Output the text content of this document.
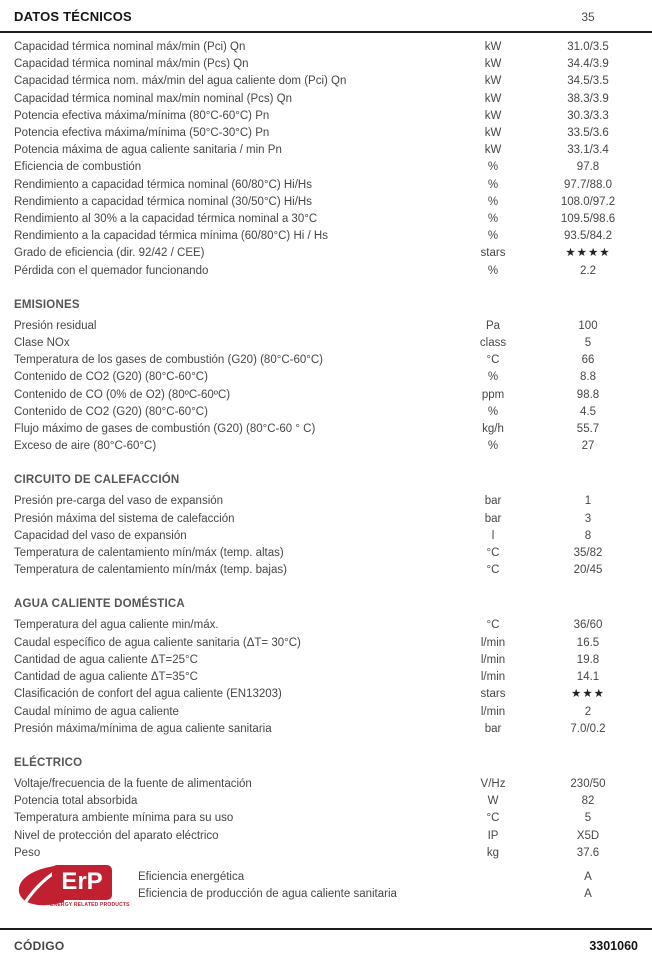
DATOS TÉCNICOS	35
Capacidad térmica nominal máx/min (Pci) Qn	kW	31.0/3.5
Capacidad térmica nominal máx/min (Pcs) Qn	kW	34.4/3.9
Capacidad térmica nom. máx/min del agua caliente dom (Pci) Qn	kW	34.5/3.5
Capacidad térmica nominal max/min nominal (Pcs) Qn	kW	38.3/3.9
Potencia efectiva máxima/mínima (80°C-60°C) Pn	kW	30.3/3.3
Potencia efectiva máxima/mínima (50°C-30°C) Pn	kW	33.5/3.6
Potencia máxima de agua caliente sanitaria / min Pn	kW	33.1/3.4
Eficiencia de combustión	%	97.8
Rendimiento a capacidad térmica nominal (60/80°C) Hi/Hs	%	97.7/88.0
Rendimiento a capacidad térmica nominal (30/50°C) Hi/Hs	%	108.0/97.2
Rendimiento al 30% a la capacidad térmica nominal a 30°C	%	109.5/98.6
Rendimiento a la capacidad térmica mínima (60/80°C) Hi / Hs	%	93.5/84.2
Grado de eficiencia (dir. 92/42 / CEE)	stars	★★★★
Pérdida con el quemador funcionando	%	2.2
EMISIONES
Presión residual	Pa	100
Clase NOx	class	5
Temperatura de los gases de combustión (G20) (80°C-60°C)	°C	66
Contenido de CO2 (G20) (80°C-60°C)	%	8.8
Contenido de CO (0% de O2) (80ºC-60ºC)	ppm	98.8
Contenido de CO2 (G20) (80°C-60°C)	%	4.5
Flujo máximo de gases de combustión (G20) (80°C-60 ° C)	kg/h	55.7
Exceso de aire (80°C-60°C)	%	27
CIRCUITO DE CALEFACCIÓN
Presión pre-carga del vaso de expansión	bar	1
Presión máxima del sistema de calefacción	bar	3
Capacidad del vaso de expansión	l	8
Temperatura de calentamiento mín/máx (temp. altas)	°C	35/82
Temperatura de calentamiento mín/máx (temp. bajas)	°C	20/45
AGUA CALIENTE DOMÉSTICA
Temperatura del agua caliente min/máx.	°C	36/60
Caudal específico de agua caliente sanitaria (ΔT= 30°C)	l/min	16.5
Cantidad de agua caliente ΔT=25°C	l/min	19.8
Cantidad de agua caliente ΔT=35°C	l/min	14.1
Clasificación de confort del agua caliente (EN13203)	stars	★★★
Caudal mínimo de agua caliente	l/min	2
Presión máxima/mínima de agua caliente sanitaria	bar	7.0/0.2
ELÉCTRICO
Voltaje/frecuencia de la fuente de alimentación	V/Hz	230/50
Potencia total absorbida	W	82
Temperatura ambiente mínima para su uso	°C	5
Nivel de protección del aparato eléctrico	IP	X5D
Peso	kg	37.6
ErP
ENERGY RELATED PRODUCTS
Eficiencia energética	A
Eficiencia de producción de agua caliente sanitaria	A
CÓDIGO	3301060
